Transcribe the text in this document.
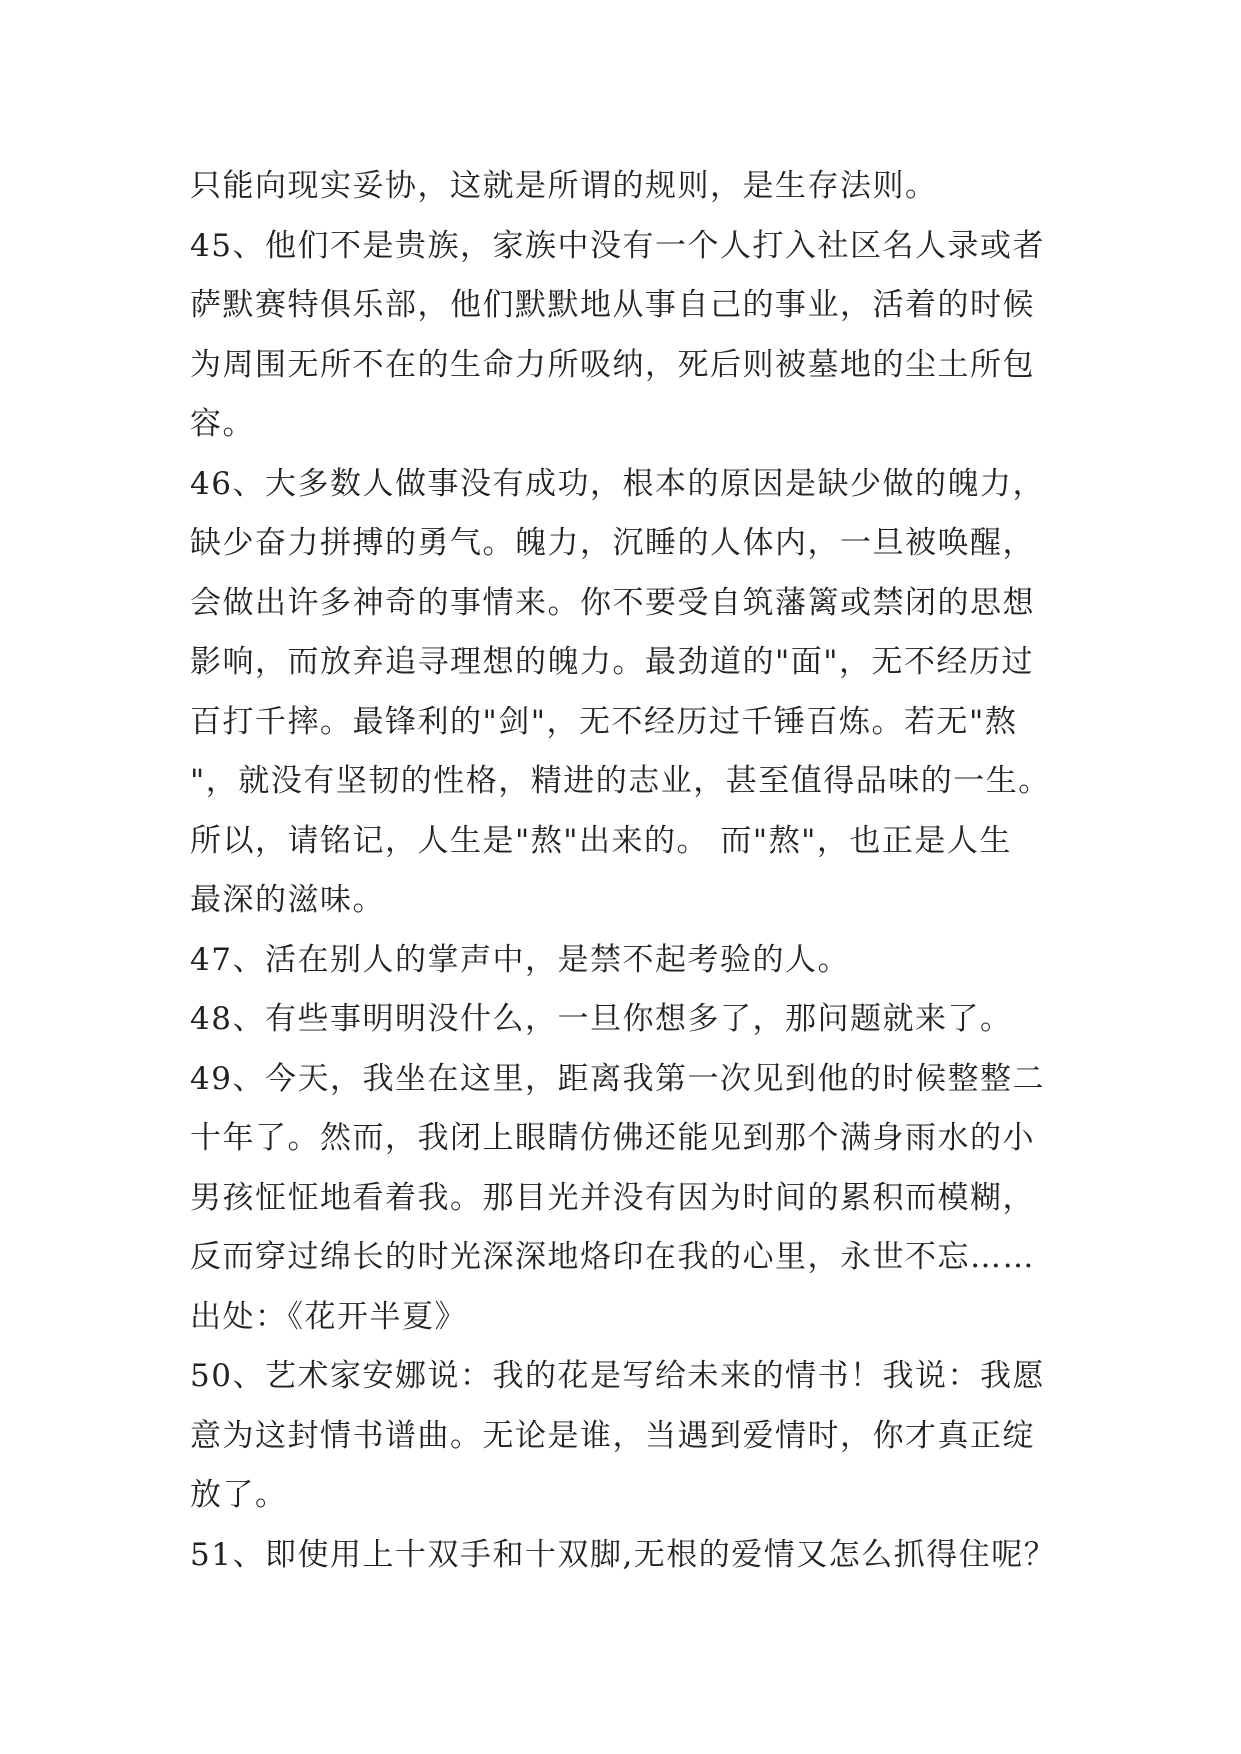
只能向现实妥协，这就是所谓的规则，是生存法则。
45、他们不是贵族，家族中没有一个人打入社区名人录或者
萨默赛特俱乐部，他们默默地从事自己的事业，活着的时候
为周围无所不在的生命力所吸纳，死后则被墓地的尘土所包
容。
46、大多数人做事没有成功，根本的原因是缺少做的魄力，
缺少奋力拼搏的勇气。魄力，沉睡的人体内，一旦被唤醒，
会做出许多神奇的事情来。你不要受自筑藩篱或禁闭的思想
影响，而放弃追寻理想的魄力。最劲道的"面"，无不经历过
百打千摔。最锋利的"剑"，无不经历过千锤百炼。若无"熬
"，就没有坚韧的性格，精进的志业，甚至值得品味的一生。
所以，请铭记，人生是"熬"出来的。 而"熬"，也正是人生
最深的滋味。
47、活在别人的掌声中，是禁不起考验的人。
48、有些事明明没什么，一旦你想多了，那问题就来了。
49、今天，我坐在这里，距离我第一次见到他的时候整整二
十年了。然而，我闭上眼睛仿佛还能见到那个满身雨水的小
男孩怔怔地看着我。那目光并没有因为时间的累积而模糊，
反而穿过绵长的时光深深地烙印在我的心里，永世不忘……
出处：《花开半夏》
50、艺术家安娜说：我的花是写给未来的情书！我说：我愿
意为这封情书谱曲。无论是谁，当遇到爱情时，你才真正绽
放了。
51、即使用上十双手和十双脚,无根的爱情又怎么抓得住呢？
